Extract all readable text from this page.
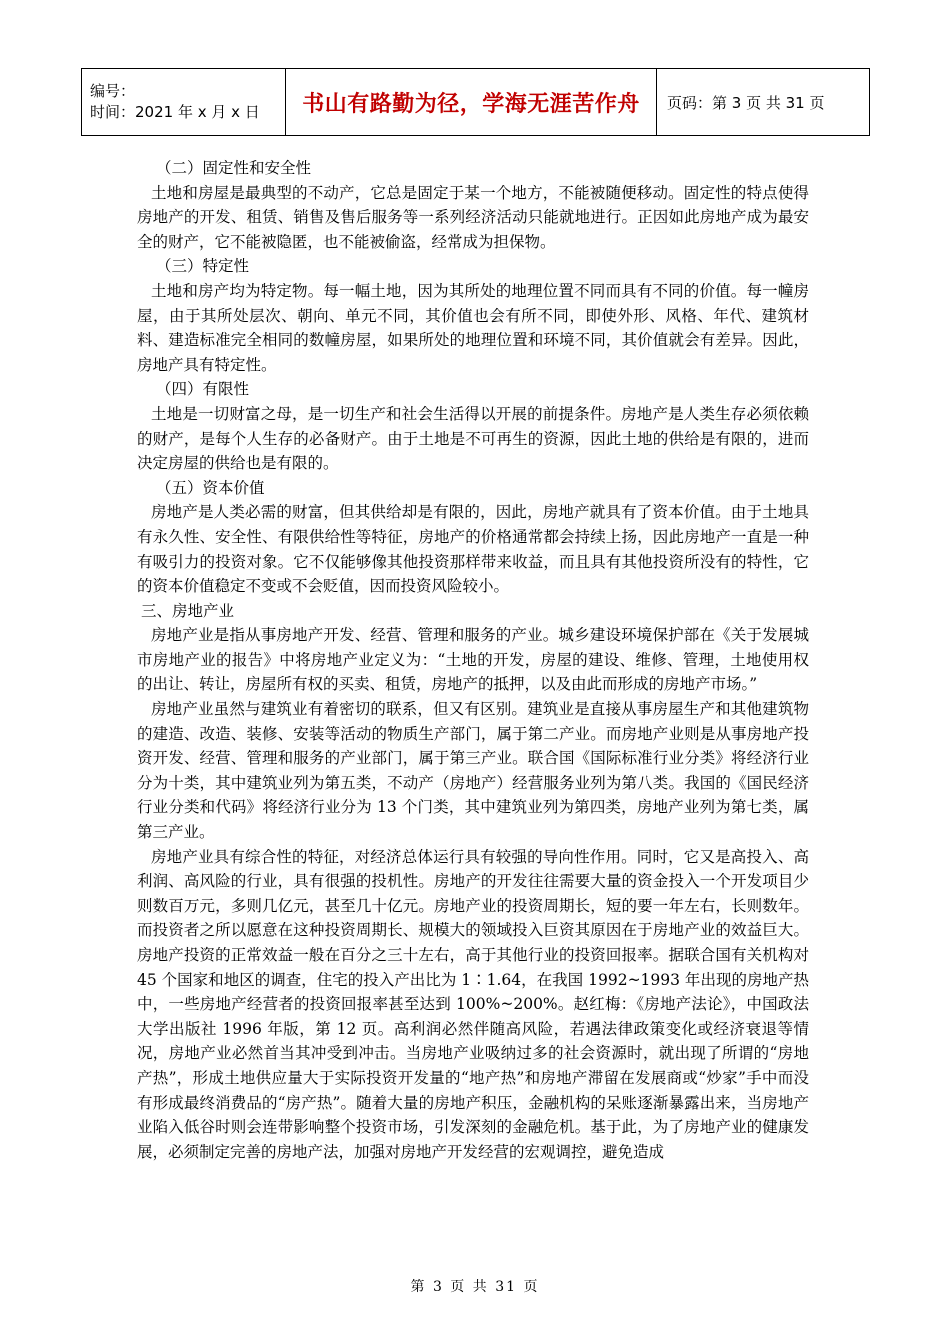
编号：
时间：2021 年 x 月 x 日	书山有路勤为径，学海无涯苦作舟	页码：第 3 页 共 31 页

（二）固定性和安全性

土地和房屋是最典型的不动产，它总是固定于某一个地方，不能被随便移动。固定性的特点使得房地产的开发、租赁、销售及售后服务等一系列经济活动只能就地进行。正因如此房地产成为最安全的财产，它不能被隐匿，也不能被偷盗，经常成为担保物。

（三）特定性

土地和房产均为特定物。每一幅土地，因为其所处的地理位置不同而具有不同的价值。每一幢房屋，由于其所处层次、朝向、单元不同，其价值也会有所不同，即使外形、风格、年代、建筑材料、建造标准完全相同的数幢房屋，如果所处的地理位置和环境不同，其价值就会有差异。因此，房地产具有特定性。

（四）有限性

土地是一切财富之母，是一切生产和社会生活得以开展的前提条件。房地产是人类生存必须依赖的财产，是每个人生存的必备财产。由于土地是不可再生的资源，因此土地的供给是有限的，进而决定房屋的供给也是有限的。

（五）资本价值

房地产是人类必需的财富，但其供给却是有限的，因此，房地产就具有了资本价值。由于土地具有永久性、安全性、有限供给性等特征，房地产的价格通常都会持续上扬，因此房地产一直是一种有吸引力的投资对象。它不仅能够像其他投资那样带来收益，而且具有其他投资所没有的特性，它的资本价值稳定不变或不会贬值，因而投资风险较小。

三、房地产业

房地产业是指从事房地产开发、经营、管理和服务的产业。城乡建设环境保护部在《关于发展城市房地产业的报告》中将房地产业定义为：“土地的开发，房屋的建设、维修、管理，土地使用权的出让、转让，房屋所有权的买卖、租赁，房地产的抵押，以及由此而形成的房地产市场。”

房地产业虽然与建筑业有着密切的联系，但又有区别。建筑业是直接从事房屋生产和其他建筑物的建造、改造、装修、安装等活动的物质生产部门，属于第二产业。而房地产业则是从事房地产投资开发、经营、管理和服务的产业部门，属于第三产业。联合国《国际标准行业分类》将经济行业分为十类，其中建筑业列为第五类，不动产（房地产）经营服务业列为第八类。我国的《国民经济行业分类和代码》将经济行业分为 13 个门类，其中建筑业列为第四类，房地产业列为第七类，属第三产业。

房地产业具有综合性的特征，对经济总体运行具有较强的导向性作用。同时，它又是高投入、高利润、高风险的行业，具有很强的投机性。房地产的开发往往需要大量的资金投入一个开发项目少则数百万元，多则几亿元，甚至几十亿元。房地产业的投资周期长，短的要一年左右，长则数年。而投资者之所以愿意在这种投资周期长、规模大的领域投入巨资其原因在于房地产业的效益巨大。房地产投资的正常效益一般在百分之三十左右，高于其他行业的投资回报率。据联合国有关机构对 45 个国家和地区的调查，住宅的投入产出比为 1∶1.64，在我国 1992~1993 年出现的房地产热中，一些房地产经营者的投资回报率甚至达到 100%~200%。赵红梅：《房地产法论》，中国政法大学出版社 1996 年版，第 12 页。高利润必然伴随高风险，若遇法律政策变化或经济衰退等情况，房地产业必然首当其冲受到冲击。当房地产业吸纳过多的社会资源时，就出现了所谓的“房地产热”，形成土地供应量大于实际投资开发量的“地产热”和房地产滞留在发展商或“炒家”手中而没有形成最终消费品的“房产热”。随着大量的房地产积压，金融机构的呆账逐渐暴露出来，当房地产业陷入低谷时则会连带影响整个投资市场，引发深刻的金融危机。基于此，为了房地产业的健康发展，必须制定完善的房地产法，加强对房地产开发经营的宏观调控，避免造成

第 3 页 共 31 页
